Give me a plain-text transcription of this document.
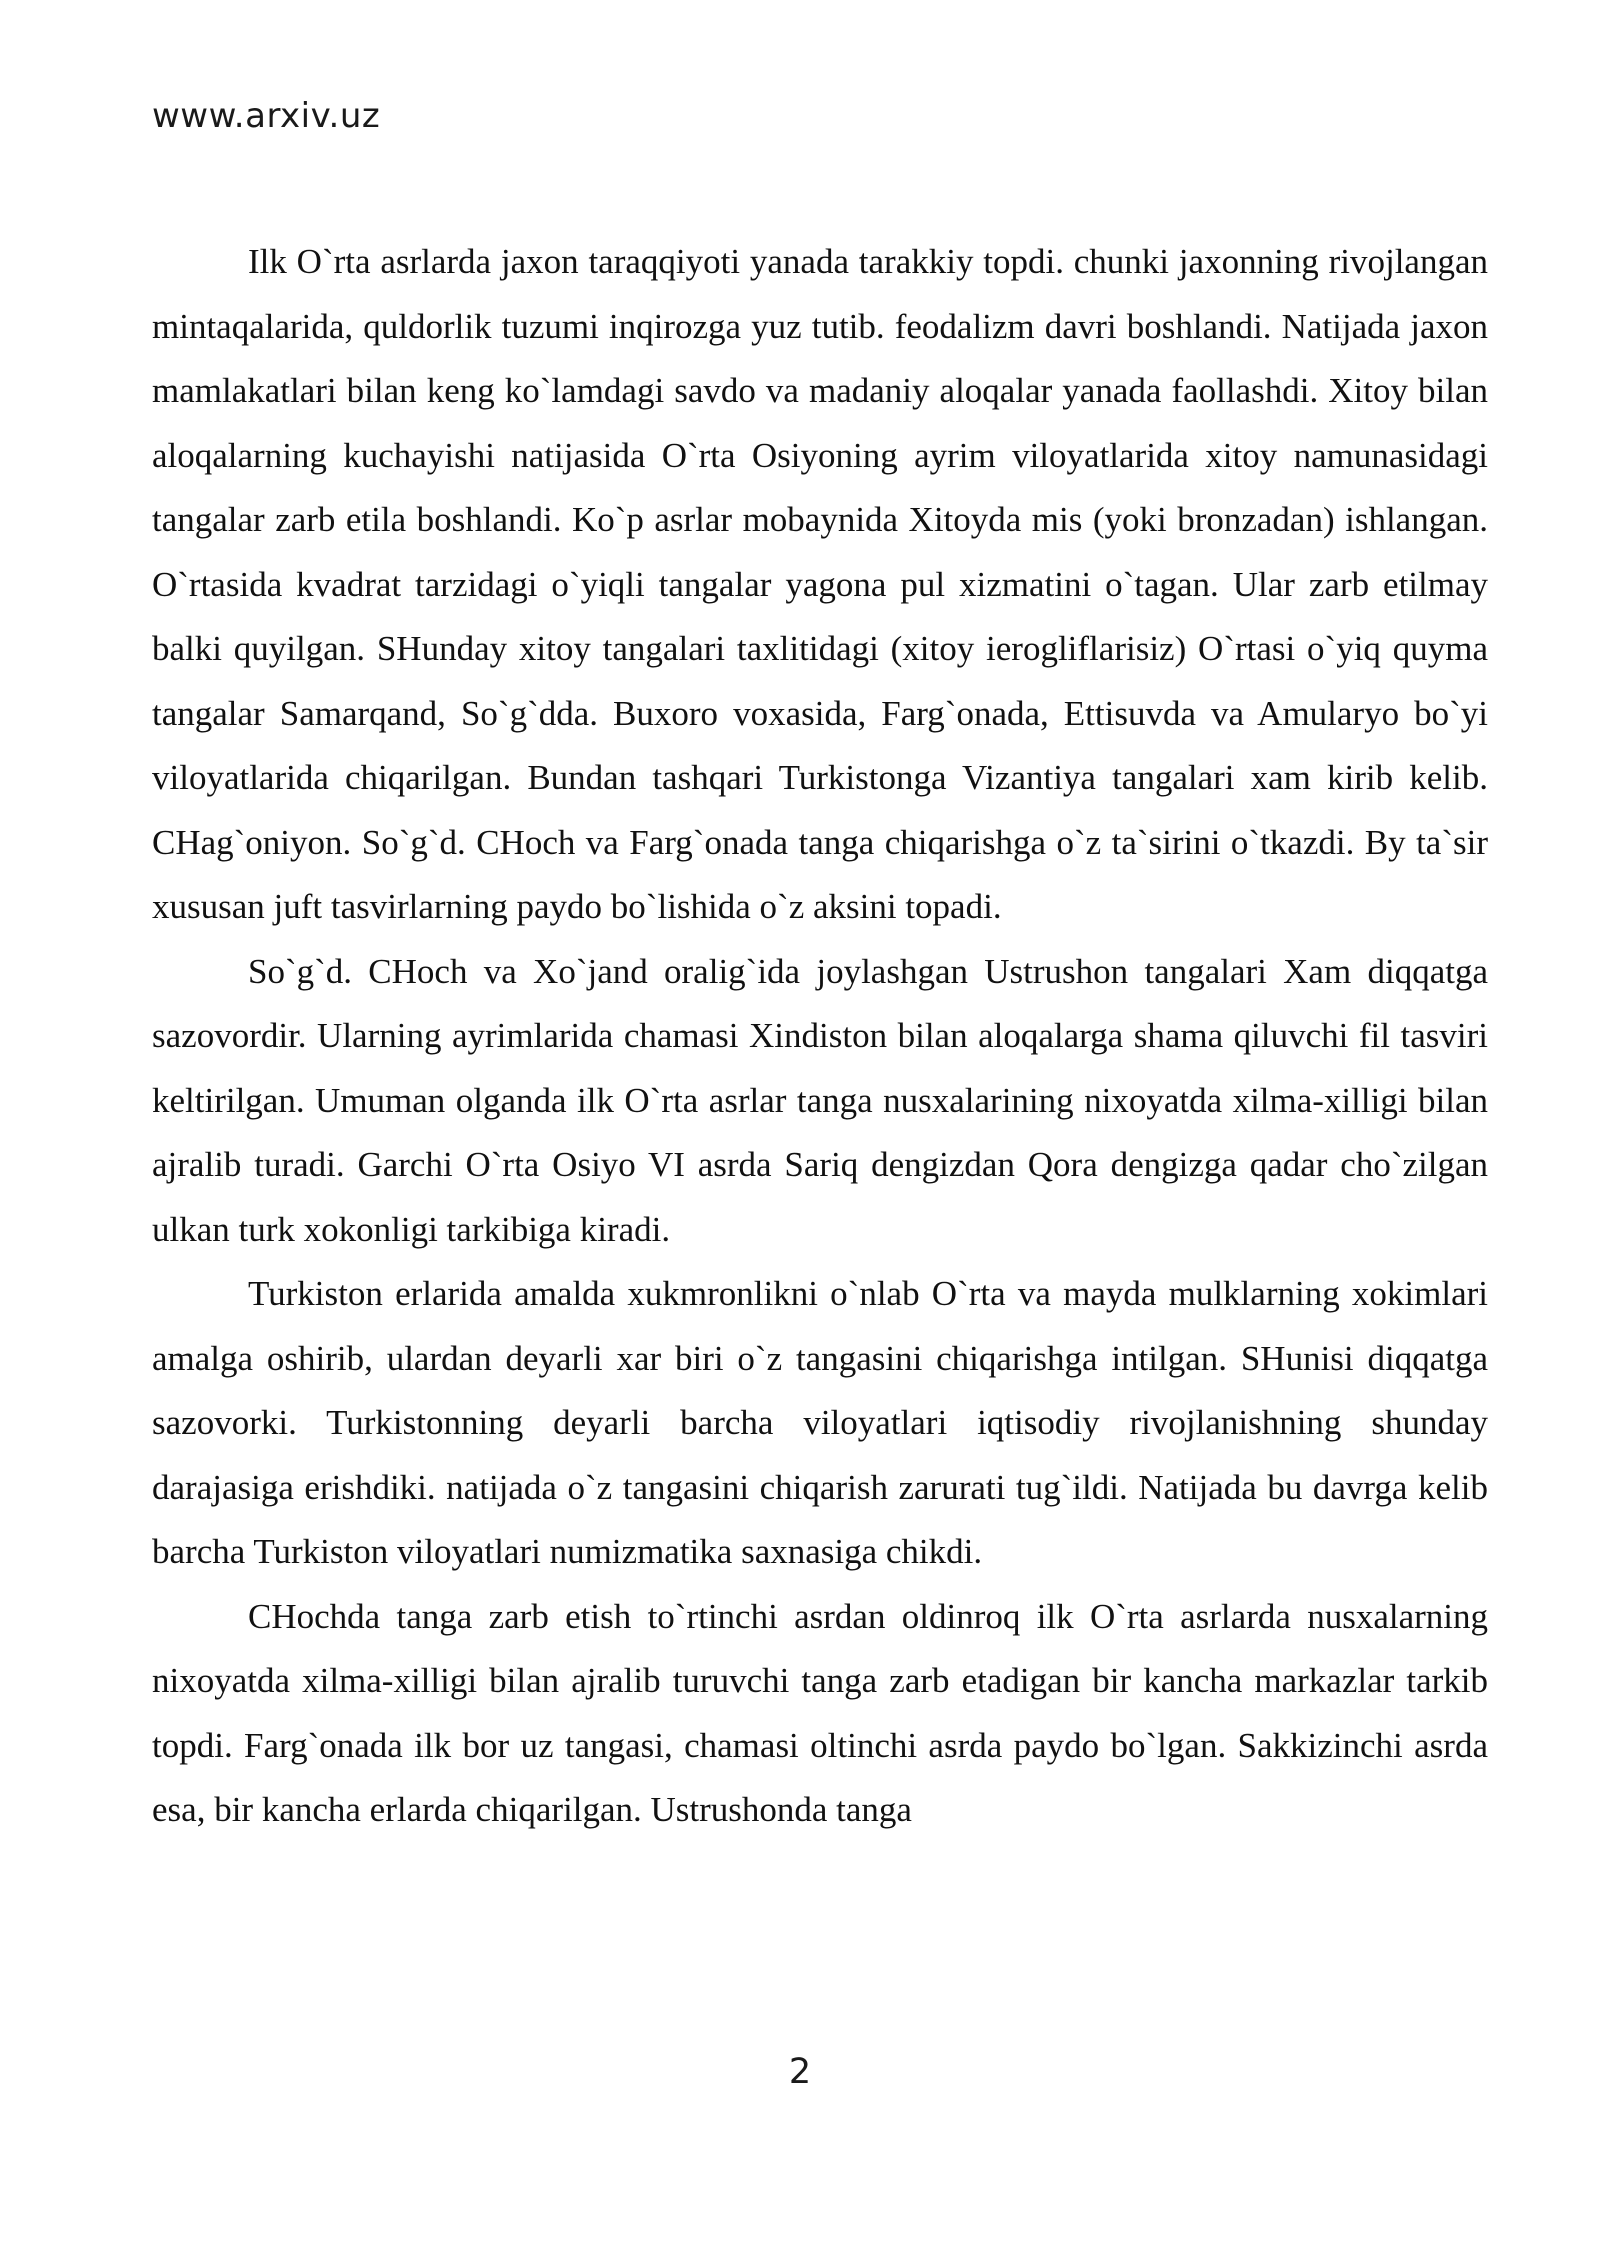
www.arxiv.uz

Ilk O`rta asrlarda jaxon taraqqiyoti yanada tarakkiy topdi. chunki jaxonning rivojlangan mintaqalarida, quldorlik tuzumi inqirozga yuz tutib. feodalizm davri boshlandi. Natijada jaxon mamlakatlari bilan keng ko`lamdagi savdo va madaniy aloqalar yanada faollashdi. Xitoy bilan aloqalarning kuchayishi natijasida O`rta Osiyoning ayrim viloyatlarida xitoy namunasidagi tangalar zarb etila boshlandi. Ko`p asrlar mobaynida Xitoyda mis (yoki bronzadan) ishlangan. O`rtasida kvadrat tarzidagi o`yiqli tangalar yagona pul xizmatini o`tagan. Ular zarb etilmay balki quyilgan. SHunday xitoy tangalari taxlitidagi (xitoy ierogliflarisiz) O`rtasi o`yiq quyma tangalar Samarqand, So`g`dda. Buxoro voxasida, Farg`onada, Ettisuvda va Amularyo bo`yi viloyatlarida chiqarilgan. Bundan tashqari Turkistonga Vizantiya tangalari xam kirib kelib. CHag`oniyon. So`g`d. CHoch va Farg`onada tanga chiqarishga o`z ta`sirini o`tkazdi. By ta`sir xususan juft tasvirlarning paydo bo`lishida o`z aksini topadi.

So`g`d. CHoch va Xo`jand oralig`ida joylashgan Ustrushon tangalari Xam diqqatga sazovordir. Ularning ayrimlarida chamasi Xindiston bilan aloqalarga shama qiluvchi fil tasviri keltirilgan. Umuman olganda ilk O`rta asrlar tanga nusxalarining nixoyatda xilma-xilligi bilan ajralib turadi. Garchi O`rta Osiyo VI asrda Sariq dengizdan Qora dengizga qadar cho`zilgan ulkan turk xokonligi tarkibiga kiradi.

Turkiston erlarida amalda xukmronlikni o`nlab O`rta va mayda mulklarning xokimlari amalga oshirib, ulardan deyarli xar biri o`z tangasini chiqarishga intilgan. SHunisi diqqatga sazovorki. Turkistonning deyarli barcha viloyatlari iqtisodiy rivojlanishning shunday darajasiga erishdiki. natijada o`z tangasini chiqarish zarurati tug`ildi. Natijada bu davrga kelib barcha Turkiston viloyatlari numizmatika saxnasiga chikdi.

CHochda tanga zarb etish to`rtinchi asrdan oldinroq ilk O`rta asrlarda nusxalarning nixoyatda xilma-xilligi bilan ajralib turuvchi tanga zarb etadigan bir kancha markazlar tarkib topdi. Farg`onada ilk bor uz tangasi, chamasi oltinchi asrda paydo bo`lgan. Sakkizinchi asrda esa, bir kancha erlarda chiqarilgan. Ustrushonda tanga

2
